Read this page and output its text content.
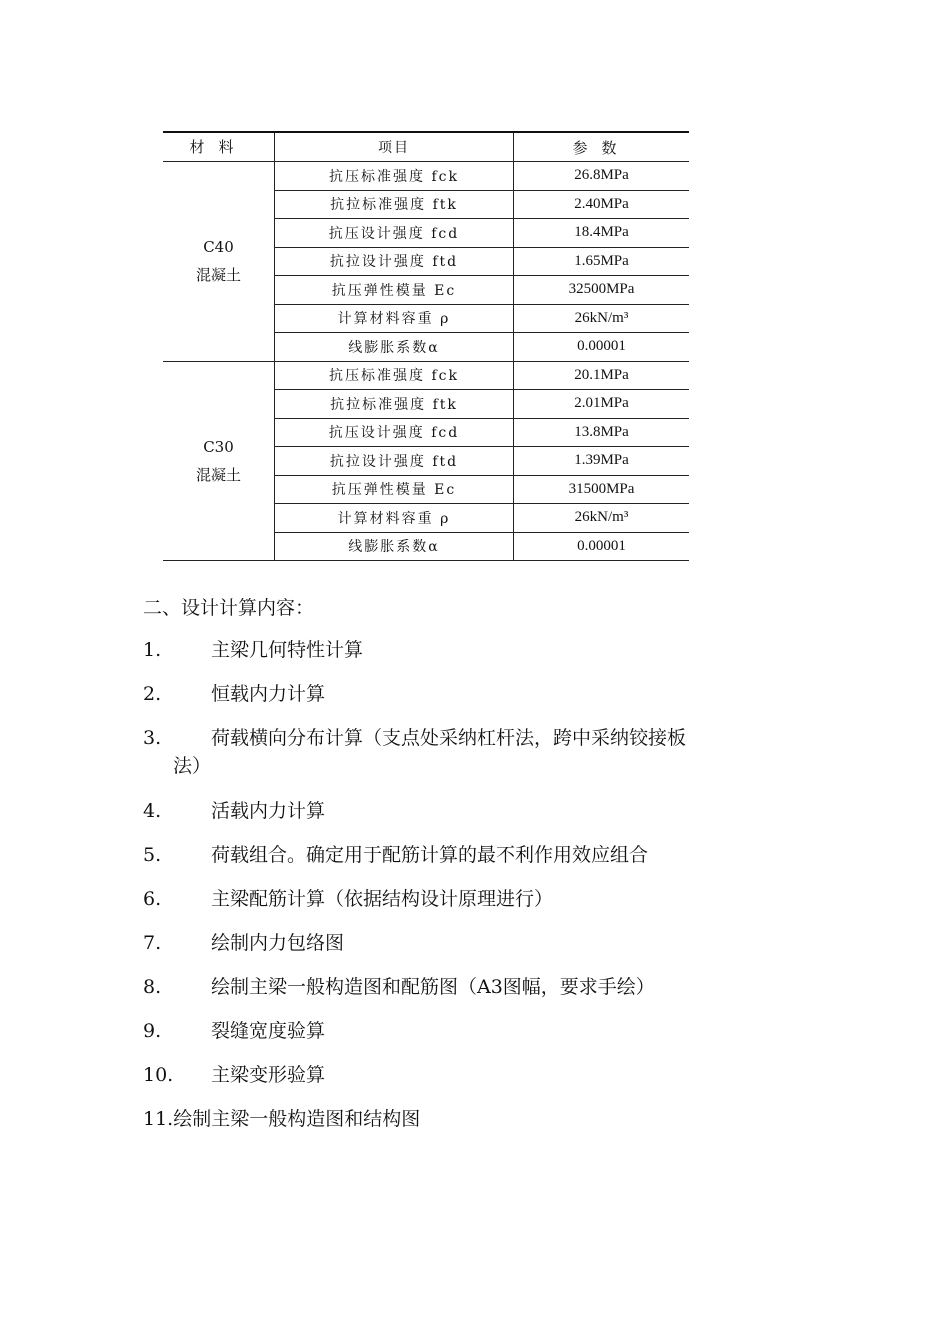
材料	项目	参数

C40
混凝土	抗压标准强度 fck	26.8MPa
	抗拉标准强度 ftk	2.40MPa
	抗压设计强度 fcd	18.4MPa
	抗拉设计强度 ftd	1.65MPa
	抗压弹性模量 Ec	32500MPa
	计算材料容重 ρ	26kN/m³
	线膨胀系数α	0.00001

C30
混凝土	抗压标准强度 fck	20.1MPa
	抗拉标准强度 ftk	2.01MPa
	抗压设计强度 fcd	13.8MPa
	抗拉设计强度 ftd	1.39MPa
	抗压弹性模量 Ec	31500MPa
	计算材料容重 ρ	26kN/m³
	线膨胀系数α	0.00001
二、设计计算内容：
1.	主梁几何特性计算
2.	恒载内力计算
3.	荷载横向分布计算（支点处采纳杠杆法，跨中采纳铰接板
法）
4.	活载内力计算
5.	荷载组合。确定用于配筋计算的最不利作用效应组合
6.	主梁配筋计算（依据结构设计原理进行）
7.	绘制内力包络图
8.	绘制主梁一般构造图和配筋图（A3图幅，要求手绘）
9.	裂缝宽度验算
10. 主梁变形验算
11.绘制主梁一般构造图和结构图
